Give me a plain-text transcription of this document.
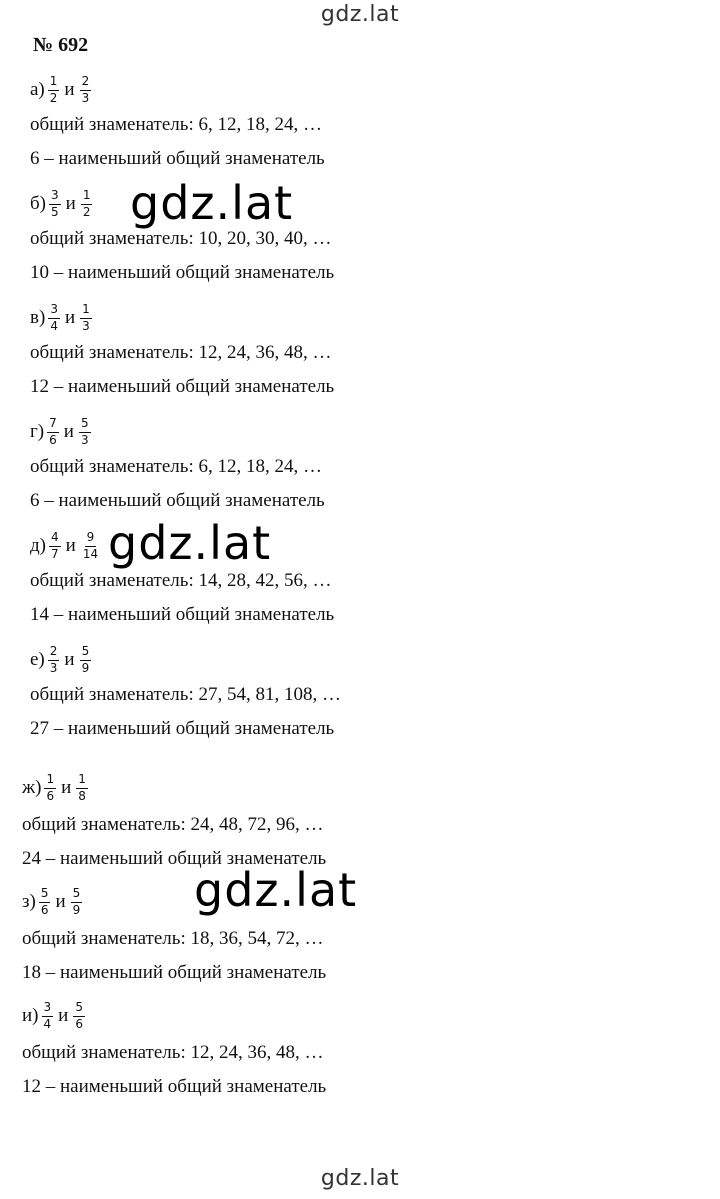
gdz.lat
№ 692
$а) \frac{1}{2}$ и $\frac{2}{3}$
общий знаменатель: 6, 12, 18, 24, …
6 – наименьший общий знаменатель
$б) \frac{3}{5}$ и $\frac{1}{2}$
общий знаменатель: 10, 20, 30, 40, …
10 – наименьший общий знаменатель
$в) \frac{3}{4}$ и $\frac{1}{3}$
общий знаменатель: 12, 24, 36, 48, …
12 – наименьший общий знаменатель
$г) \frac{7}{6}$ и $\frac{5}{3}$
общий знаменатель: 6, 12, 18, 24, …
6 – наименьший общий знаменатель
$д) \frac{4}{7}$ и $\frac{9}{14}$
общий знаменатель: 14, 28, 42, 56, …
14 – наименьший общий знаменатель
$е) \frac{2}{3}$ и $\frac{5}{9}$
общий знаменатель: 27, 54, 81, 108, …
27 – наименьший общий знаменатель
$ж) \frac{1}{6}$ и $\frac{1}{8}$
общий знаменатель: 24, 48, 72, 96, …
24 – наименьший общий знаменатель
$з) \frac{5}{6}$ и $\frac{5}{9}$
общий знаменатель: 18, 36, 54, 72, …
18 – наименьший общий знаменатель
$и) \frac{3}{4}$ и $\frac{5}{6}$
общий знаменатель: 12, 24, 36, 48, …
12 – наименьший общий знаменатель
gdz.lat
gdz.lat
gdz.lat
gdz.lat
